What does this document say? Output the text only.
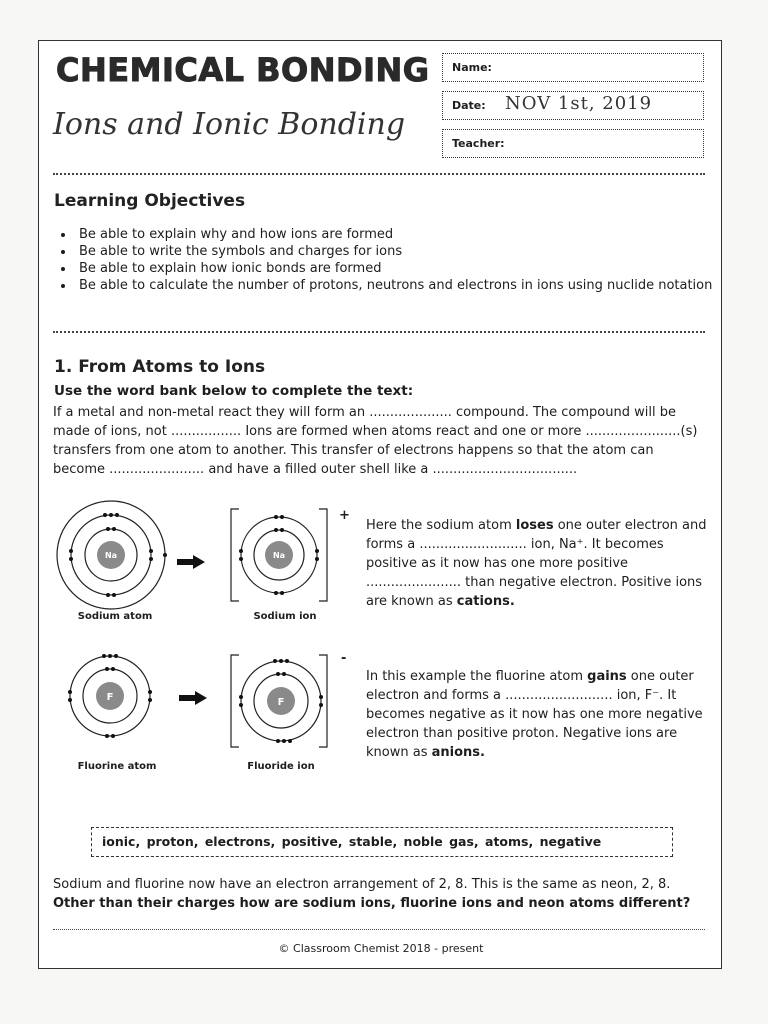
CHEMICAL BONDING
Ions and Ionic Bonding
Name:
Date: NOV 1st, 2019
Teacher:
Learning Objectives
• Be able to explain why and how ions are formed
• Be able to write the symbols and charges for ions
• Be able to explain how ionic bonds are formed
• Be able to calculate the number of protons, neutrons and electrons in ions using nuclide notation
1. From Atoms to Ions
Use the word bank below to complete the text:
If a metal and non-metal react they will form an .................... compound. The compound will be made of ions, not ................. Ions are formed when atoms react and one or more .......................(s) transfers from one atom to another. This transfer of electrons happens so that the atom can become ....................... and have a filled outer shell like a ...................................
Na
Sodium atom
Na
+
Sodium ion
Here the sodium atom loses one outer electron and forms a .......................... ion, Na⁺. It becomes positive as it now has one more positive ....................... than negative electron. Positive ions are known as cations.
F
Fluorine atom
F
-
Fluoride ion
In this example the fluorine atom gains one outer electron and forms a .......................... ion, F⁻. It becomes negative as it now has one more negative electron than positive proton. Negative ions are known as anions.
ionic, proton, electrons, positive, stable, noble gas, atoms, negative
Sodium and fluorine now have an electron arrangement of 2, 8. This is the same as neon, 2, 8.
Other than their charges how are sodium ions, fluorine ions and neon atoms different?
© Classroom Chemist 2018 - present
